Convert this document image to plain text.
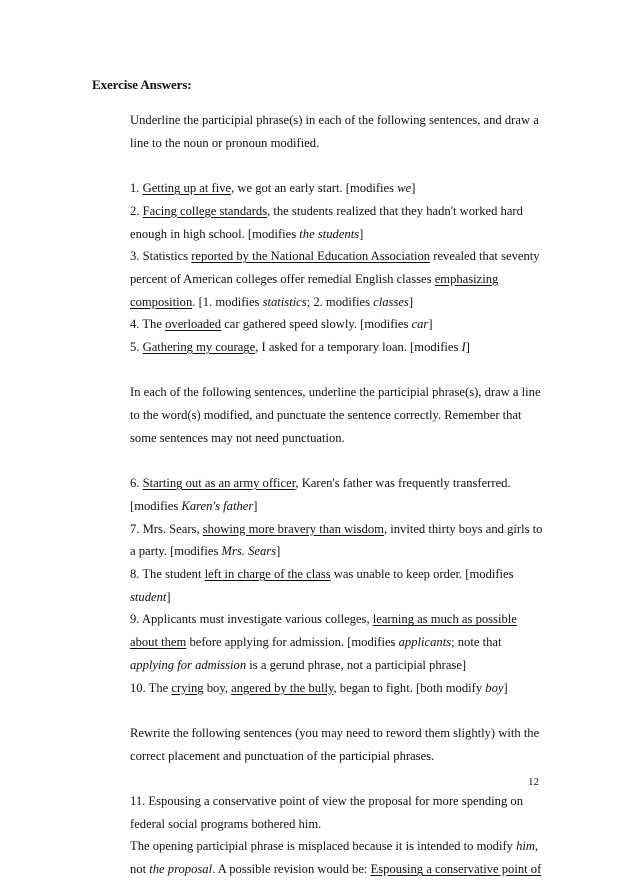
Exercise Answers:

Underline the participial phrase(s) in each of the following sentences, and draw a line to the noun or pronoun modified.

1. Getting up at five, we got an early start. [modifies we]

2. Facing college standards, the students realized that they hadn't worked hard enough in high school. [modifies the students]

3. Statistics reported by the National Education Association revealed that seventy percent of American colleges offer remedial English classes emphasizing composition. [1. modifies statistics; 2. modifies classes]

4. The overloaded car gathered speed slowly. [modifies car]

5. Gathering my courage, I asked for a temporary loan. [modifies I]

In each of the following sentences, underline the participial phrase(s), draw a line to the word(s) modified, and punctuate the sentence correctly. Remember that some sentences may not need punctuation.

6. Starting out as an army officer, Karen's father was frequently transferred. [modifies Karen's father]

7. Mrs. Sears, showing more bravery than wisdom, invited thirty boys and girls to a party. [modifies Mrs. Sears]

8. The student left in charge of the class was unable to keep order. [modifies student]

9. Applicants must investigate various colleges, learning as much as possible about them before applying for admission. [modifies applicants; note that applying for admission is a gerund phrase, not a participial phrase]

10. The crying boy, angered by the bully, began to fight. [both modify boy]

Rewrite the following sentences (you may need to reword them slightly) with the correct placement and punctuation of the participial phrases.

11. Espousing a conservative point of view the proposal for more spending on federal social programs bothered him.

The opening participial phrase is misplaced because it is intended to modify him, not the proposal. A possible revision would be: Espousing a conservative point of

12
